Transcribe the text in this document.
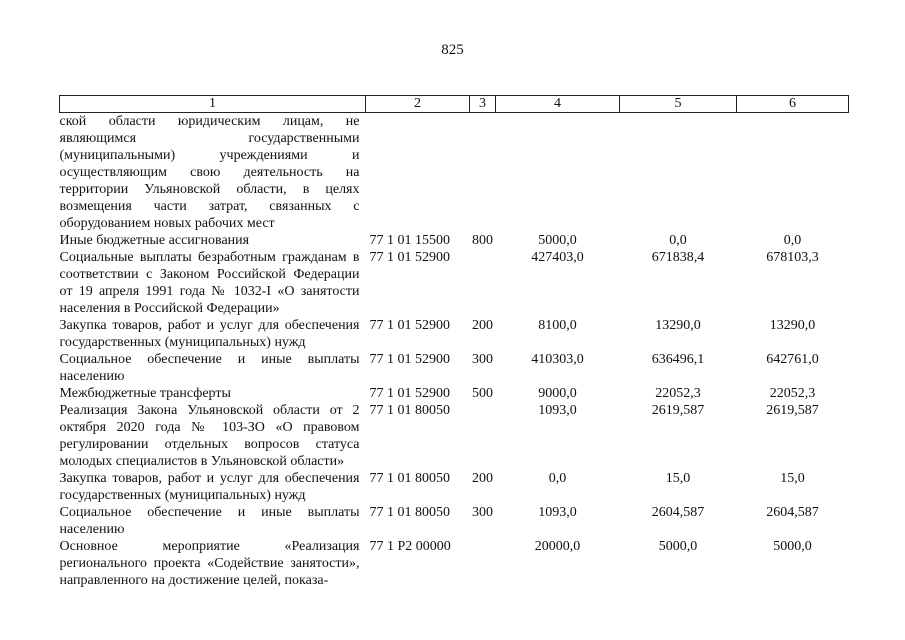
825
1	2	3	4	5	6
ской области юридическим лицам, не являющимся государственными (муниципальными) учреждениями и осуществляющим свою деятельность на территории Ульяновской области, в целях возмещения части затрат, связанных с оборудованием новых рабочих мест					
Иные бюджетные ассигнования	77 1 01 15500	800	5000,0	0,0	0,0
Социальные выплаты безработным гражданам в соответствии с Законом Российской Федерации от 19 апреля 1991 года № 1032-I «О занятости населения в Российской Федерации»	77 1 01 52900		427403,0	671838,4	678103,3
Закупка товаров, работ и услуг для обеспечения государственных (муниципальных) нужд	77 1 01 52900	200	8100,0	13290,0	13290,0
Социальное обеспечение и иные выплаты населению	77 1 01 52900	300	410303,0	636496,1	642761,0
Межбюджетные трансферты	77 1 01 52900	500	9000,0	22052,3	22052,3
Реализация Закона Ульяновской области от 2 октября 2020 года № 103-ЗО «О правовом регулировании отдельных вопросов статуса молодых специалистов в Ульяновской области»	77 1 01 80050		1093,0	2619,587	2619,587
Закупка товаров, работ и услуг для обеспечения государственных (муниципальных) нужд	77 1 01 80050	200	0,0	15,0	15,0
Социальное обеспечение и иные выплаты населению	77 1 01 80050	300	1093,0	2604,587	2604,587
Основное мероприятие «Реализация регионального проекта «Содействие занятости», направленного на достижение целей, показа-	77 1 Р2 00000		20000,0	5000,0	5000,0
